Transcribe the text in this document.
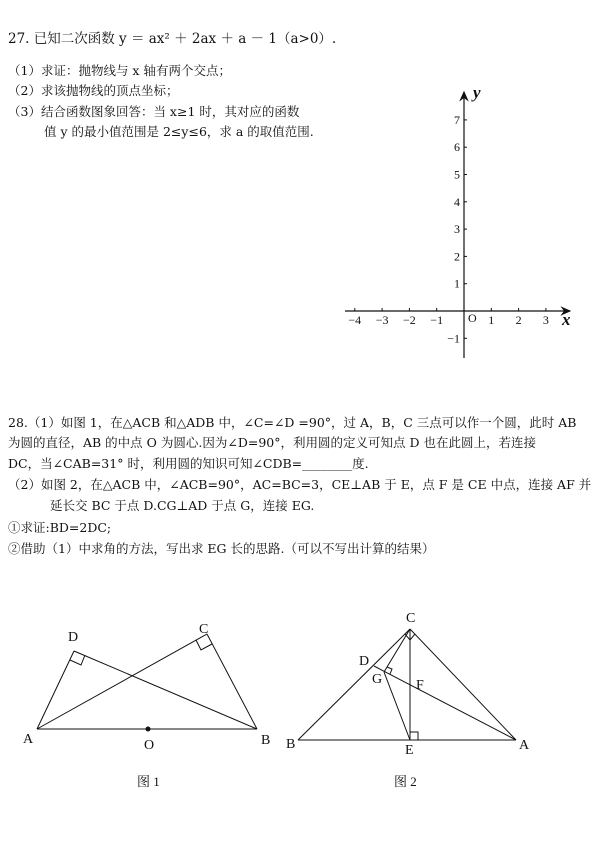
27. 已知二次函数 y ＝ ax² ＋ 2ax ＋ a － 1（a>0）.
（1）求证：抛物线与 x 轴有两个交点；
（2）求该抛物线的顶点坐标；
（3）结合函数图象回答：当 x≥1 时，其对应的函数
值 y 的最小值范围是 2≤y≤6，求 a 的取值范围.
−4 −3 −2 −1	1 2 3
7
6
5
4
3
2
1
−1
x
y
O
28.（1）如图 1，在△ACB 和△ADB 中，∠C=∠D =90°，过 A，B，C 三点可以作一个圆，此时 AB
为圆的直径，AB 的中点 O 为圆心.因为∠D=90°，利用圆的定义可知点 D 也在此圆上，若连接
DC，当∠CAB=31° 时，利用圆的知识可知∠CDB=________度.
（2）如图 2，在△ACB 中，∠ACB=90°，AC=BC=3，CE⊥AB 于 E，点 F 是 CE 中点，连接 AF 并
延长交 BC 于点 D.CG⊥AD 于点 G，连接 EG.
①求证:BD=2DC;
②借助（1）中求角的方法，写出求 EG 长的思路.（可以不写出计算的结果）
A	B
C
D
O
图 1
B	A
C
D
E
F
G
图 2
